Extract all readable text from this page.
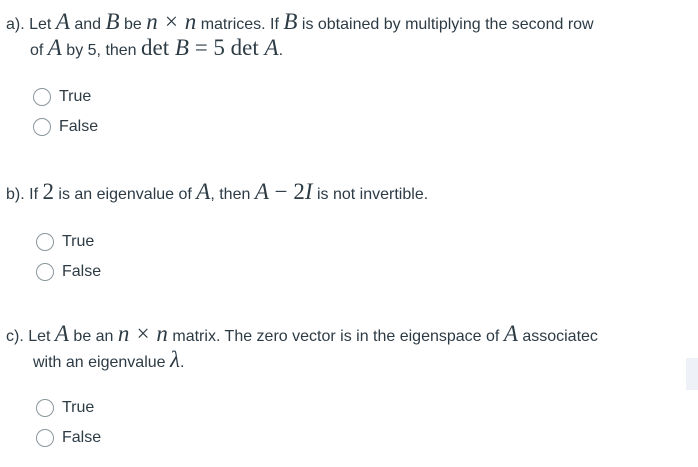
a). Let A and B be n × n matrices. If B is obtained by multiplying the second row
of A by 5, then det B = 5 det A.
True
False
b). If 2 is an eigenvalue of A, then A − 2I is not invertible.
True
False
c). Let A be an n × n matrix. The zero vector is in the eigenspace of A associatec
with an eigenvalue λ.
True
False
